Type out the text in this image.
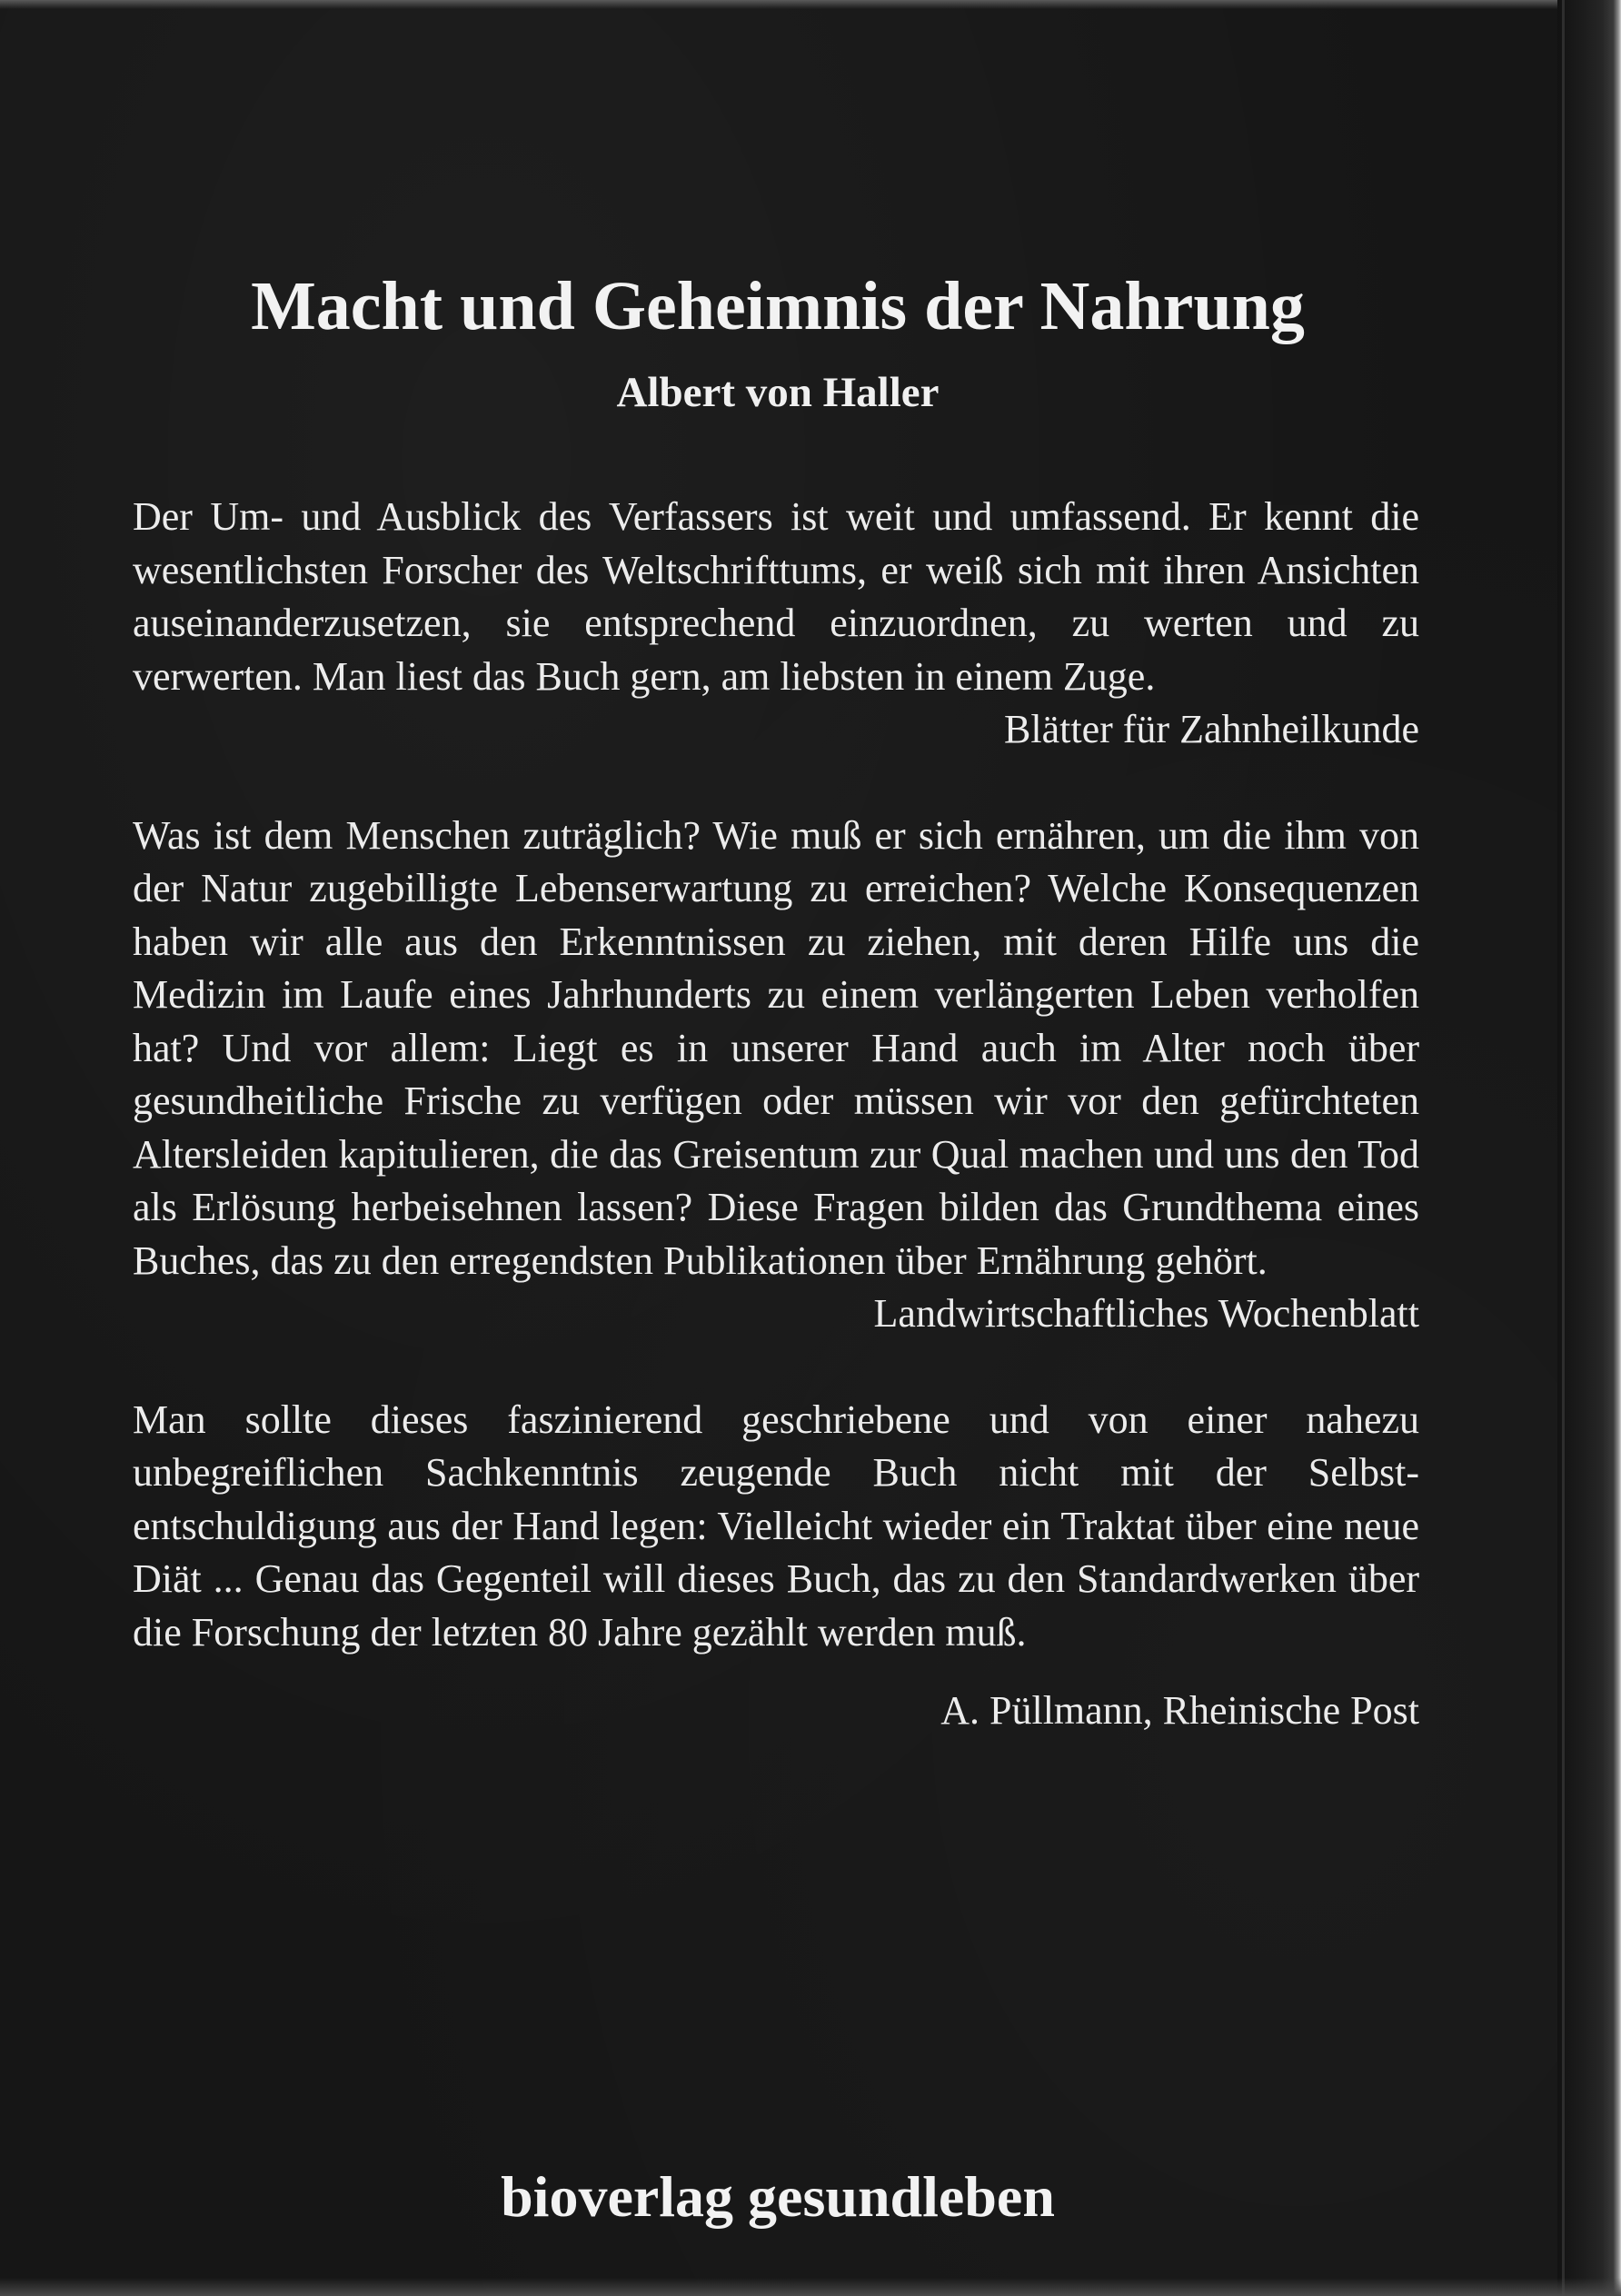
Macht und Geheimnis der Nahrung
Albert von Haller

Der Um- und Ausblick des Verfassers ist weit und umfassend. Er kennt die wesentlichsten Forscher des Weltschrifttums, er weiß sich mit ihren Ansichten auseinanderzusetzen, sie entsprechend einzuordnen, zu werten und zu verwerten. Man liest das Buch gern, am liebsten in einem Zuge.

Blätter für Zahnheilkunde

Was ist dem Menschen zuträglich? Wie muß er sich ernähren, um die ihm von der Natur zugebilligte Lebenserwartung zu erreichen? Welche Konsequenzen haben wir alle aus den Erkenntnissen zu ziehen, mit deren Hilfe uns die Medizin im Laufe eines Jahrhunderts zu einem verlängerten Leben verholfen hat? Und vor allem: Liegt es in unserer Hand auch im Alter noch über gesundheitliche Frische zu verfügen oder müssen wir vor den gefürchteten Altersleiden kapitulieren, die das Greisentum zur Qual machen und uns den Tod als Erlösung herbeisehnen lassen? Diese Fragen bilden das Grundthema eines Buches, das zu den erregendsten Publikationen über Ernährung gehört.

Landwirtschaftliches Wochenblatt

Man sollte dieses faszinierend geschriebene und von einer nahezu unbegreiflichen Sachkenntnis zeugende Buch nicht mit der Selbstentschuldigung aus der Hand legen: Vielleicht wieder ein Traktat über eine neue Diät ... Genau das Gegenteil will dieses Buch, das zu den Standardwerken über die Forschung der letzten 80 Jahre gezählt werden muß.

A. Püllmann, Rheinische Post

bioverlag gesundleben
